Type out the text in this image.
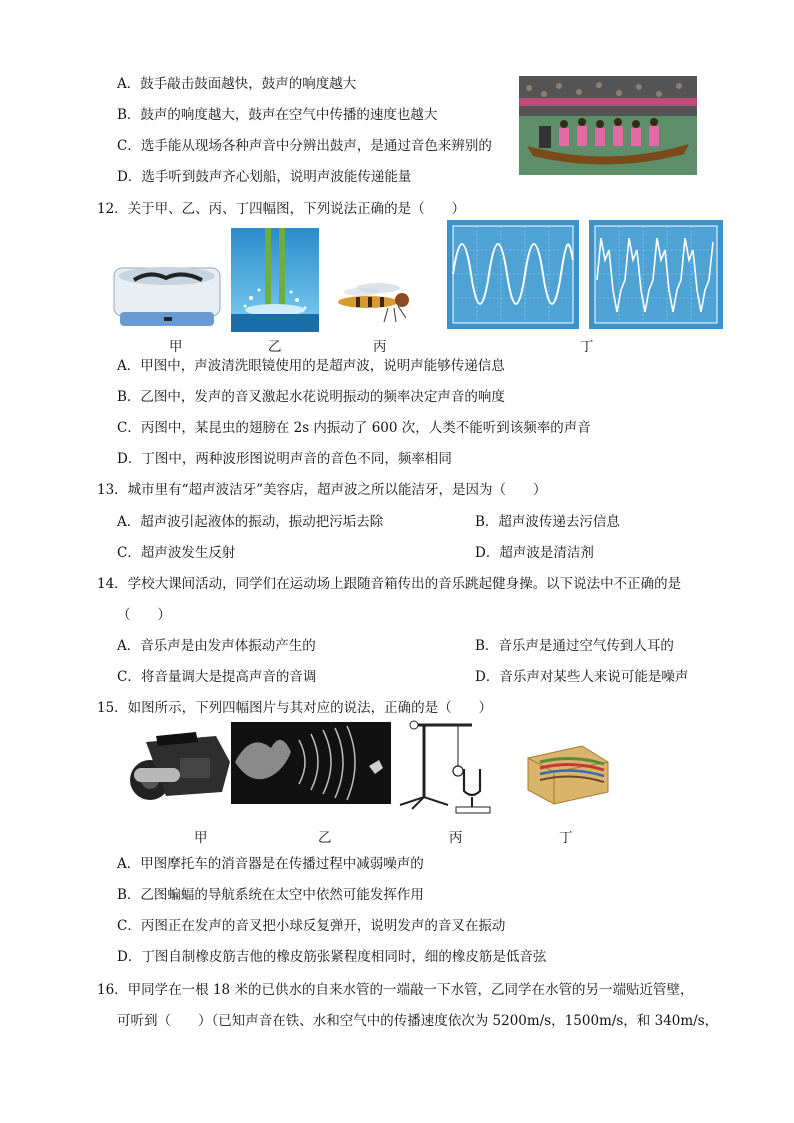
A．鼓手敲击鼓面越快，鼓声的响度越大
B．鼓声的响度越大，鼓声在空气中传播的速度也越大
C．选手能从现场各种声音中分辨出鼓声，是通过音色来辨别的
D．选手听到鼓声齐心划船，说明声波能传递能量
12．关于甲、乙、丙、丁四幅图，下列说法正确的是（　　）
甲	乙	丙	丁
A．甲图中，声波清洗眼镜使用的是超声波，说明声能够传递信息
B．乙图中，发声的音叉激起水花说明振动的频率决定声音的响度
C．丙图中，某昆虫的翅膀在 2s 内振动了 600 次，人类不能听到该频率的声音
D．丁图中，两种波形图说明声音的音色不同，频率相同
13．城市里有“超声波洁牙”美容店，超声波之所以能洁牙，是因为（　　）
A．超声波引起液体的振动，振动把污垢去除	B．超声波传递去污信息
C．超声波发生反射	D．超声波是清洁剂
14．学校大课间活动，同学们在运动场上跟随音箱传出的音乐跳起健身操。以下说法中不正确的是
（　　）
A．音乐声是由发声体振动产生的	B．音乐声是通过空气传到人耳的
C．将音量调大是提高声音的音调	D．音乐声对某些人来说可能是噪声
15．如图所示，下列四幅图片与其对应的说法，正确的是（　　）
甲	乙	丙	丁
A．甲图摩托车的消音器是在传播过程中减弱噪声的
B．乙图蝙蝠的导航系统在太空中依然可能发挥作用
C．丙图正在发声的音叉把小球反复弹开，说明发声的音叉在振动
D．丁图自制橡皮筋吉他的橡皮筋张紧程度相同时，细的橡皮筋是低音弦
16．甲同学在一根 18 米的已供水的自来水管的一端敲一下水管，乙同学在水管的另一端贴近管壁，
可听到（　　）（已知声音在铁、水和空气中的传播速度依次为 5200m/s，1500m/s，和 340m/s，
